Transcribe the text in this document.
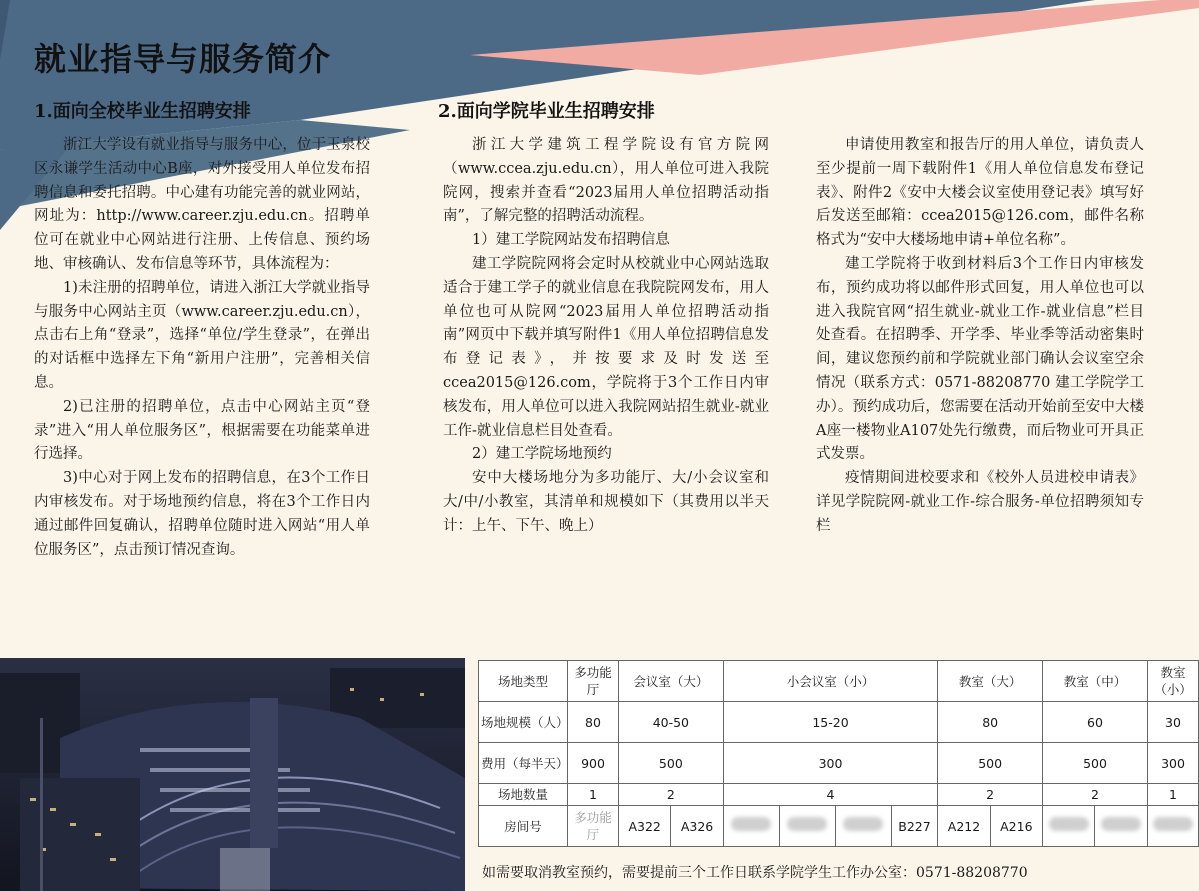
就业指导与服务简介
1.面向全校毕业生招聘安排

浙江大学设有就业指导与服务中心，位于玉泉校区永谦学生活动中心B座，对外接受用人单位发布招聘信息和委托招聘。中心建有功能完善的就业网站，网址为：http://www.career.zju.edu.cn。招聘单位可在就业中心网站进行注册、上传信息、预约场地、审核确认、发布信息等环节，具体流程为：

1)未注册的招聘单位，请进入浙江大学就业指导与服务中心网站主页（www.career.zju.edu.cn），点击右上角“登录”，选择“单位/学生登录”，在弹出的对话框中选择左下角“新用户注册”，完善相关信息。

2)已注册的招聘单位，点击中心网站主页“登录”进入“用人单位服务区”，根据需要在功能菜单进行选择。

3)中心对于网上发布的招聘信息，在3个工作日内审核发布。对于场地预约信息，将在3个工作日内通过邮件回复确认，招聘单位随时进入网站“用人单位服务区”，点击预订情况查询。

2.面向学院毕业生招聘安排

浙江大学建筑工程学院设有官方院网（www.ccea.zju.edu.cn），用人单位可进入我院院网，搜索并查看“2023届用人单位招聘活动指南”，了解完整的招聘活动流程。

1）建工学院网站发布招聘信息

建工学院院网将会定时从校就业中心网站选取适合于建工学子的就业信息在我院院网发布，用人单位也可从院网“2023届用人单位招聘活动指南”网页中下载并填写附件1《用人单位招聘信息发布登记表》，并按要求及时发送至ccea2015@126.com，学院将于3个工作日内审核发布，用人单位可以进入我院网站招生就业-就业工作-就业信息栏目处查看。

2）建工学院场地预约

安中大楼场地分为多功能厅、大/小会议室和大/中/小教室，其清单和规模如下（其费用以半天计：上午、下午、晚上）

申请使用教室和报告厅的用人单位，请负责人至少提前一周下载附件1《用人单位信息发布登记表》、附件2《安中大楼会议室使用登记表》填写好后发送至邮箱：ccea2015@126.com，邮件名称格式为“安中大楼场地申请+单位名称”。

建工学院将于收到材料后3个工作日内审核发布，预约成功将以邮件形式回复，用人单位也可以进入我院官网“招生就业-就业工作-就业信息”栏目处查看。在招聘季、开学季、毕业季等活动密集时间，建议您预约前和学院就业部门确认会议室空余情况（联系方式：0571-88208770 建工学院学工办）。预约成功后，您需要在活动开始前至安中大楼A座一楼物业A107处先行缴费，而后物业可开具正式发票。

疫情期间进校要求和《校外人员进校申请表》详见学院院网-就业工作-综合服务-单位招聘须知专栏

场地类型	多功能厅	会议室（大）		小会议室（小）				教室（大）		教室（中）		教室（小）
场地规模（人）	80	40-50		15-20				80		60		30
费用（每半天）	900	500		300				500		500		300
场地数量	1	2		4				2		2		1
房间号	多功能厅	A322	A326				B227	A212	A216			
如需要取消教室预约，需要提前三个工作日联系学院学生工作办公室：0571-88208770
